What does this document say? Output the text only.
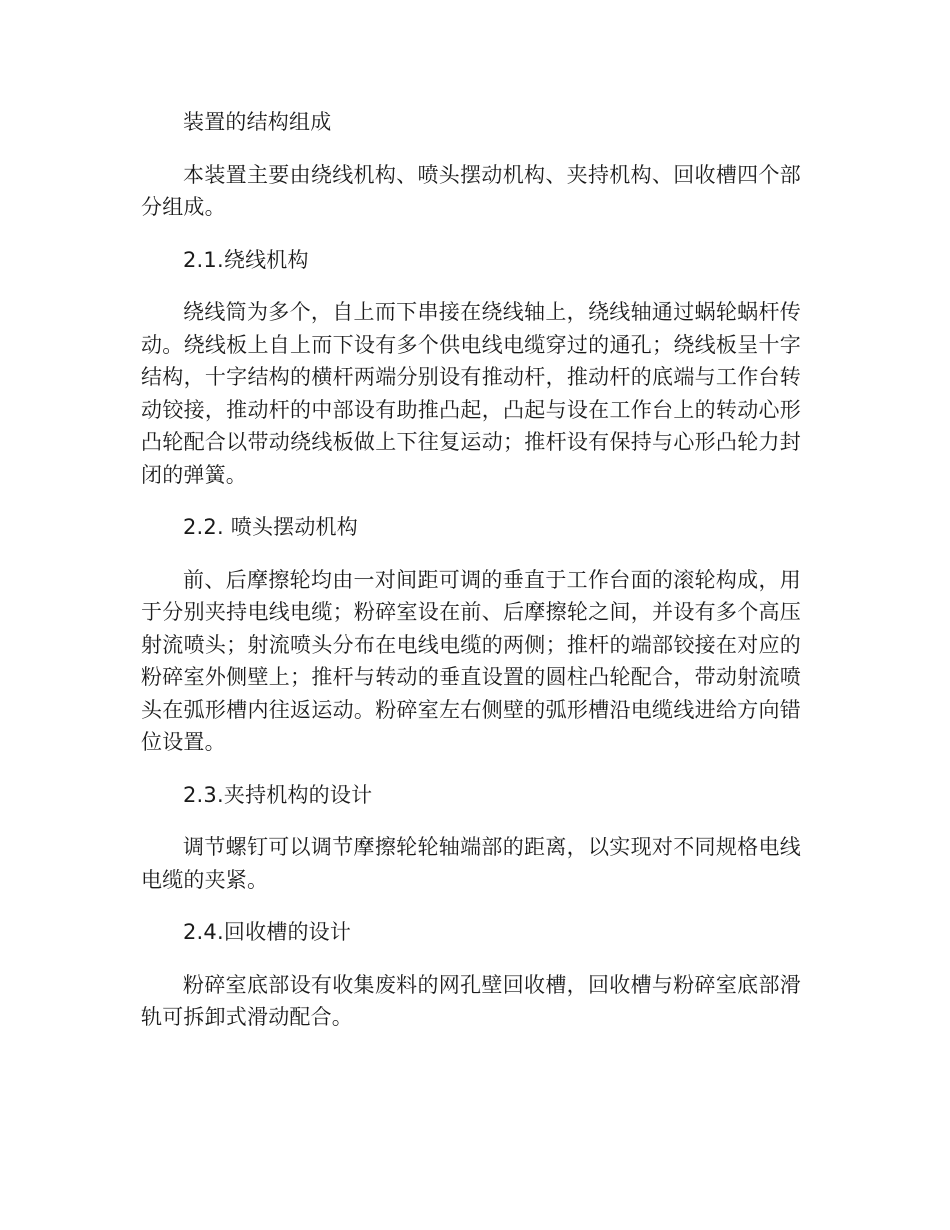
装置的结构组成
本装置主要由绕线机构、喷头摆动机构、夹持机构、回收槽四个部分组成。
2.1.绕线机构
绕线筒为多个，自上而下串接在绕线轴上，绕线轴通过蜗轮蜗杆传动。绕线板上自上而下设有多个供电线电缆穿过的通孔；绕线板呈十字结构，十字结构的横杆两端分别设有推动杆，推动杆的底端与工作台转动铰接，推动杆的中部设有助推凸起，凸起与设在工作台上的转动心形凸轮配合以带动绕线板做上下往复运动；推杆设有保持与心形凸轮力封闭的弹簧。
2.2. 喷头摆动机构
前、后摩擦轮均由一对间距可调的垂直于工作台面的滚轮构成，用于分别夹持电线电缆；粉碎室设在前、后摩擦轮之间，并设有多个高压射流喷头；射流喷头分布在电线电缆的两侧；推杆的端部铰接在对应的粉碎室外侧壁上；推杆与转动的垂直设置的圆柱凸轮配合，带动射流喷头在弧形槽内往返运动。粉碎室左右侧壁的弧形槽沿电缆线进给方向错位设置。
2.3.夹持机构的设计
调节螺钉可以调节摩擦轮轮轴端部的距离，以实现对不同规格电线电缆的夹紧。
2.4.回收槽的设计
粉碎室底部设有收集废料的网孔壁回收槽，回收槽与粉碎室底部滑轨可拆卸式滑动配合。
